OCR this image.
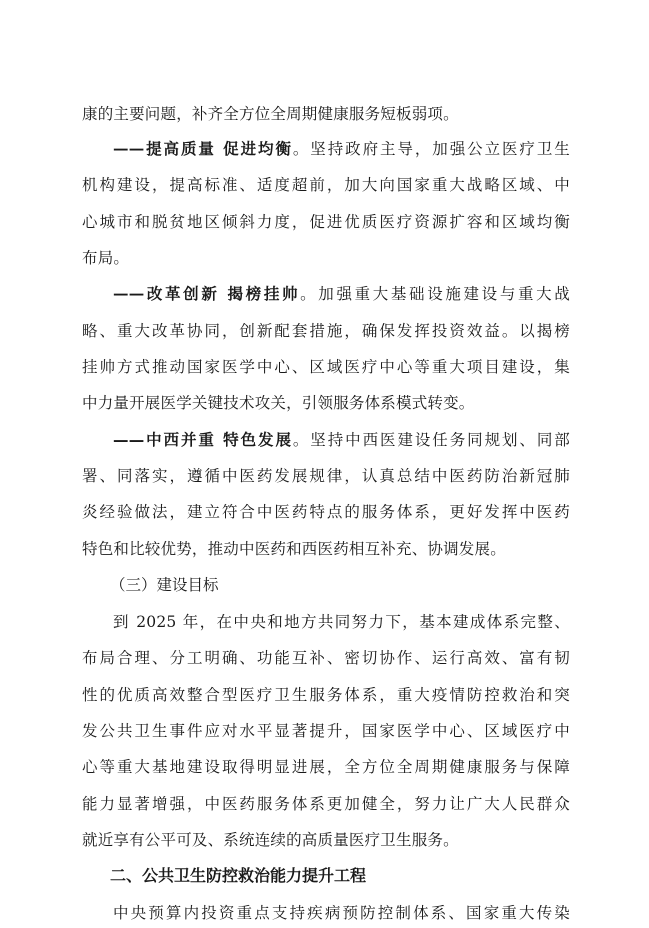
康的主要问题，补齐全方位全周期健康服务短板弱项。
——提高质量 促进均衡。坚持政府主导，加强公立医疗卫生
机构建设，提高标准、适度超前，加大向国家重大战略区域、中
心城市和脱贫地区倾斜力度，促进优质医疗资源扩容和区域均衡
布局。
——改革创新 揭榜挂帅。加强重大基础设施建设与重大战
略、重大改革协同，创新配套措施，确保发挥投资效益。以揭榜
挂帅方式推动国家医学中心、区域医疗中心等重大项目建设，集
中力量开展医学关键技术攻关，引领服务体系模式转变。
——中西并重 特色发展。坚持中西医建设任务同规划、同部
署、同落实，遵循中医药发展规律，认真总结中医药防治新冠肺
炎经验做法，建立符合中医药特点的服务体系，更好发挥中医药
特色和比较优势，推动中医药和西医药相互补充、协调发展。
（三）建设目标
到 2025 年，在中央和地方共同努力下，基本建成体系完整、
布局合理、分工明确、功能互补、密切协作、运行高效、富有韧
性的优质高效整合型医疗卫生服务体系，重大疫情防控救治和突
发公共卫生事件应对水平显著提升，国家医学中心、区域医疗中
心等重大基地建设取得明显进展，全方位全周期健康服务与保障
能力显著增强，中医药服务体系更加健全，努力让广大人民群众
就近享有公平可及、系统连续的高质量医疗卫生服务。
二、公共卫生防控救治能力提升工程
中央预算内投资重点支持疾病预防控制体系、国家重大传染
